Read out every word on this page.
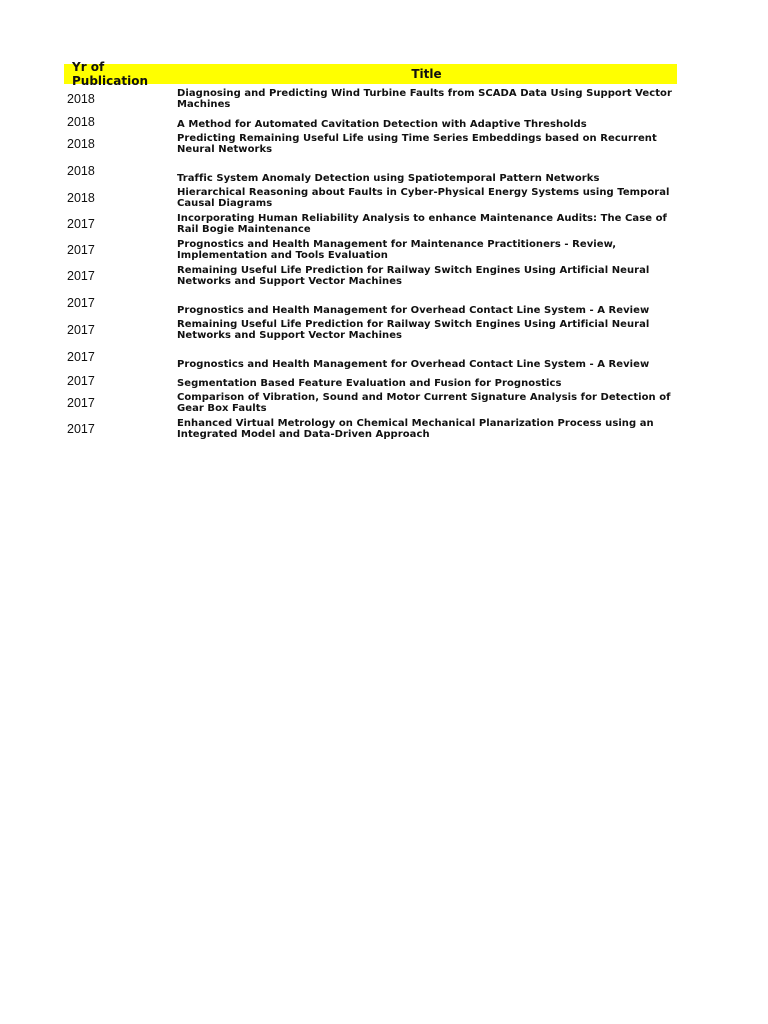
Yr of Publication	Title
2018	Diagnosing and Predicting Wind Turbine Faults from SCADA Data Using Support Vector Machines
2018	A Method for Automated Cavitation Detection with Adaptive Thresholds
2018	Predicting Remaining Useful Life using Time Series Embeddings based on Recurrent Neural Networks
2018	Traffic System Anomaly Detection using Spatiotemporal Pattern Networks
2018	Hierarchical Reasoning about Faults in Cyber-Physical Energy Systems using Temporal Causal Diagrams
2017	Incorporating Human Reliability Analysis to enhance Maintenance Audits: The Case of Rail Bogie Maintenance
2017	Prognostics and Health Management for Maintenance Practitioners - Review, Implementation and Tools Evaluation
2017	Remaining Useful Life Prediction for Railway Switch Engines Using Artificial Neural Networks and Support Vector Machines
2017	Prognostics and Health Management for Overhead Contact Line System - A Review
2017	Remaining Useful Life Prediction for Railway Switch Engines Using Artificial Neural Networks and Support Vector Machines
2017	Prognostics and Health Management for Overhead Contact Line System - A Review
2017	Segmentation Based Feature Evaluation and Fusion for Prognostics
2017	Comparison of Vibration, Sound and Motor Current Signature Analysis for Detection of Gear Box Faults
2017	Enhanced Virtual Metrology on Chemical Mechanical Planarization Process using an Integrated Model and Data-Driven Approach
